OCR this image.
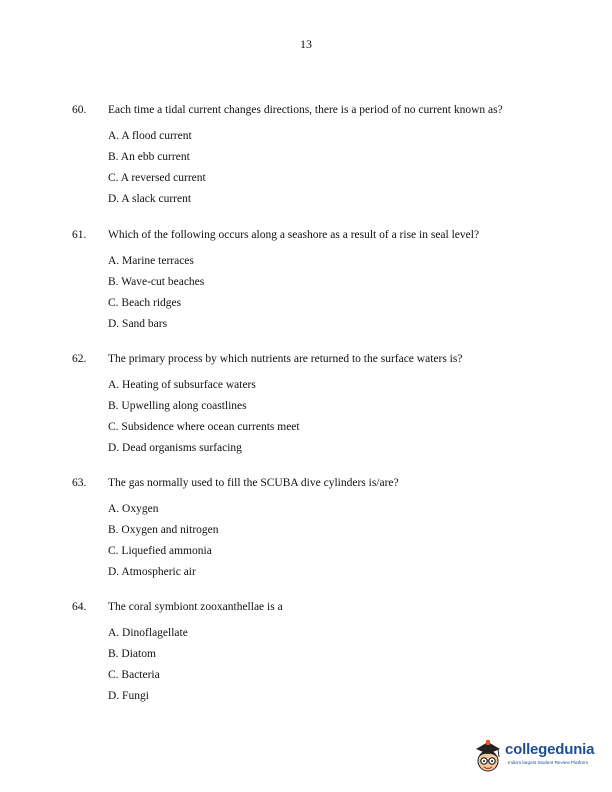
13
60. Each time a tidal current changes directions, there is a period of no current known as?
A. A flood current
B. An ebb current
C. A reversed current
D. A slack current
61. Which of the following occurs along a seashore as a result of a rise in seal level?
A. Marine terraces
B. Wave-cut beaches
C. Beach ridges
D. Sand bars
62. The primary process by which nutrients are returned to the surface waters is?
A. Heating of subsurface waters
B. Upwelling along coastlines
C. Subsidence where ocean currents meet
D. Dead organisms surfacing
63. The gas normally used to fill the SCUBA dive cylinders is/are?
A. Oxygen
B. Oxygen and nitrogen
C. Liquefied ammonia
D. Atmospheric air
64. The coral symbiont zooxanthellae is a
A. Dinoflagellate
B. Diatom
C. Bacteria
D. Fungi
collegedunia
India's largest Student Review Platform
